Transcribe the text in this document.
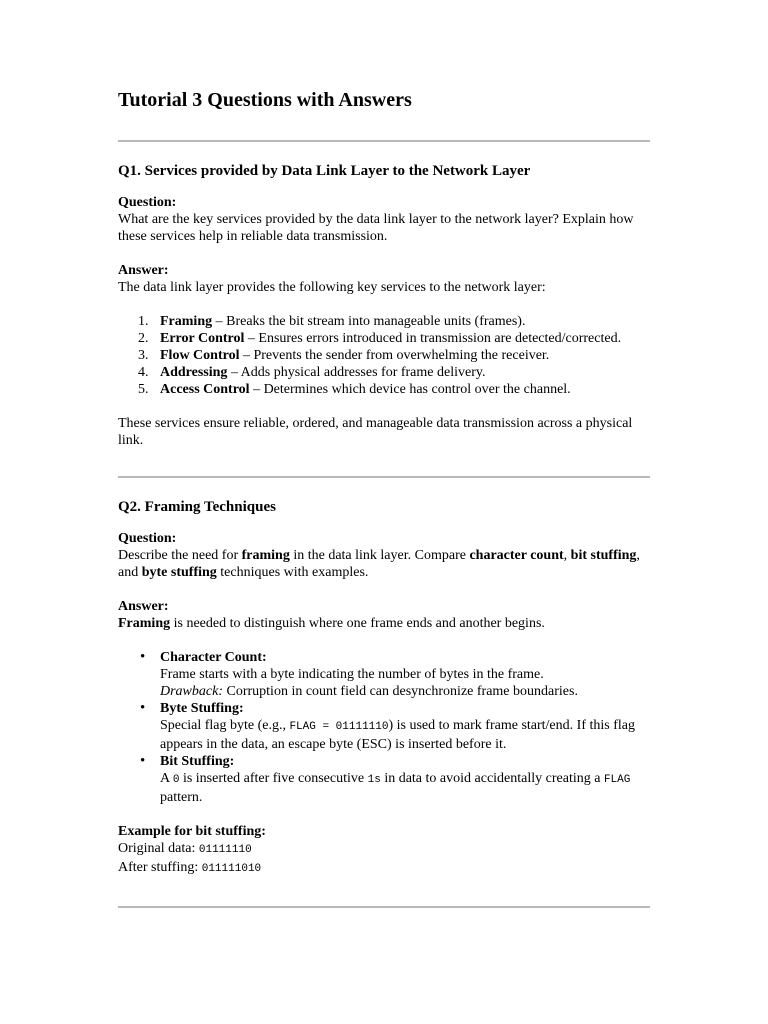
Tutorial 3 Questions with Answers
Q1. Services provided by Data Link Layer to the Network Layer
Question:

What are the key services provided by the data link layer to the network layer? Explain how these services help in reliable data transmission.

Answer:

The data link layer provides the following key services to the network layer:

1. Framing – Breaks the bit stream into manageable units (frames).
2. Error Control – Ensures errors introduced in transmission are detected/corrected.
3. Flow Control – Prevents the sender from overwhelming the receiver.
4. Addressing – Adds physical addresses for frame delivery.
5. Access Control – Determines which device has control over the channel.

These services ensure reliable, ordered, and manageable data transmission across a physical link.

Q2. Framing Techniques
Question:

Describe the need for framing in the data link layer. Compare character count, bit stuffing, and byte stuffing techniques with examples.

Answer:

Framing is needed to distinguish where one frame ends and another begins.

• Character Count:
Frame starts with a byte indicating the number of bytes in the frame.
Drawback: Corruption in count field can desynchronize frame boundaries.
• Byte Stuffing:
Special flag byte (e.g., FLAG = 01111110) is used to mark frame start/end. If this flag appears in the data, an escape byte (ESC) is inserted before it.
• Bit Stuffing:
A 0 is inserted after five consecutive 1s in data to avoid accidentally creating a FLAG pattern.
Example for bit stuffing:

Original data: 01111110

After stuffing: 011111010
